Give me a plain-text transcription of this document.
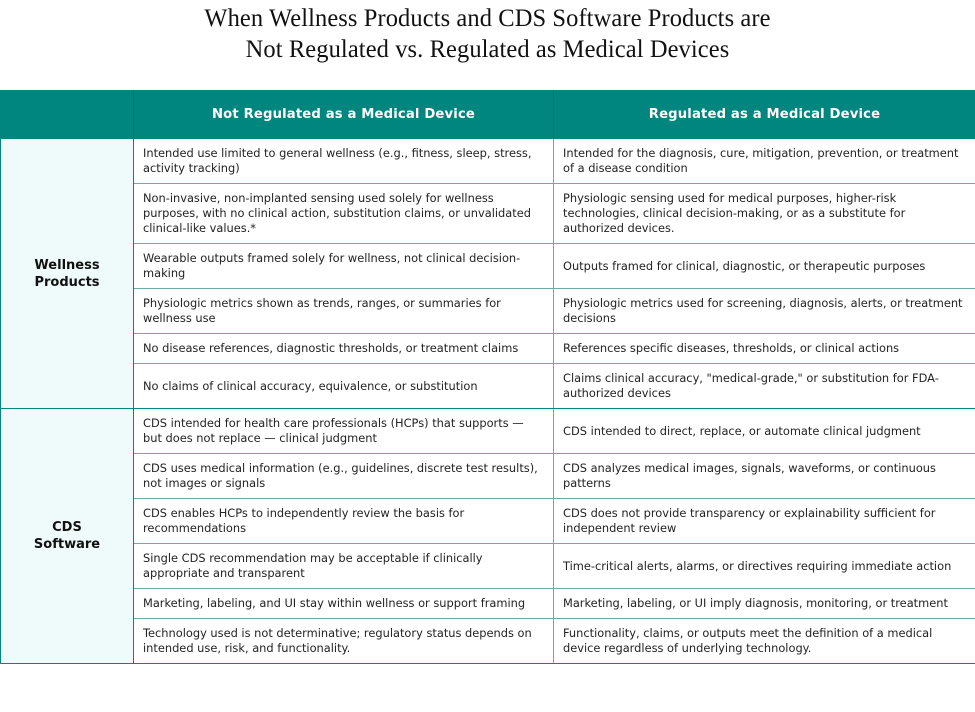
When Wellness Products and CDS Software Products are
Not Regulated vs. Regulated as Medical Devices
	Not Regulated as a Medical Device	Regulated as a Medical Device

Wellness
Products	Intended use limited to general wellness (e.g., fitness, sleep, stress, activity tracking)	Intended for the diagnosis, cure, mitigation, prevention, or treatment of a disease condition

	Non-invasive, non-implanted sensing used solely for wellness purposes, with no clinical action, substitution claims, or unvalidated clinical-like values.*	Physiologic sensing used for medical purposes, higher-risk technologies, clinical decision-making, or as a substitute for authorized devices.

	Wearable outputs framed solely for wellness, not clinical decision-making	Outputs framed for clinical, diagnostic, or therapeutic purposes

	Physiologic metrics shown as trends, ranges, or summaries for wellness use	Physiologic metrics used for screening, diagnosis, alerts, or treatment decisions

	No disease references, diagnostic thresholds, or treatment claims	References specific diseases, thresholds, or clinical actions

	No claims of clinical accuracy, equivalence, or substitution	Claims clinical accuracy, "medical-grade," or substitution for FDA-authorized devices

CDS
Software	CDS intended for health care professionals (HCPs) that supports — but does not replace — clinical judgment	CDS intended to direct, replace, or automate clinical judgment

	CDS uses medical information (e.g., guidelines, discrete test results), not images or signals	CDS analyzes medical images, signals, waveforms, or continuous patterns

	CDS enables HCPs to independently review the basis for recommendations	CDS does not provide transparency or explainability sufficient for independent review

	Single CDS recommendation may be acceptable if clinically appropriate and transparent	Time-critical alerts, alarms, or directives requiring immediate action

	Marketing, labeling, and UI stay within wellness or support framing	Marketing, labeling, or UI imply diagnosis, monitoring, or treatment

	Technology used is not determinative; regulatory status depends on intended use, risk, and functionality.	Functionality, claims, or outputs meet the definition of a medical device regardless of underlying technology.
